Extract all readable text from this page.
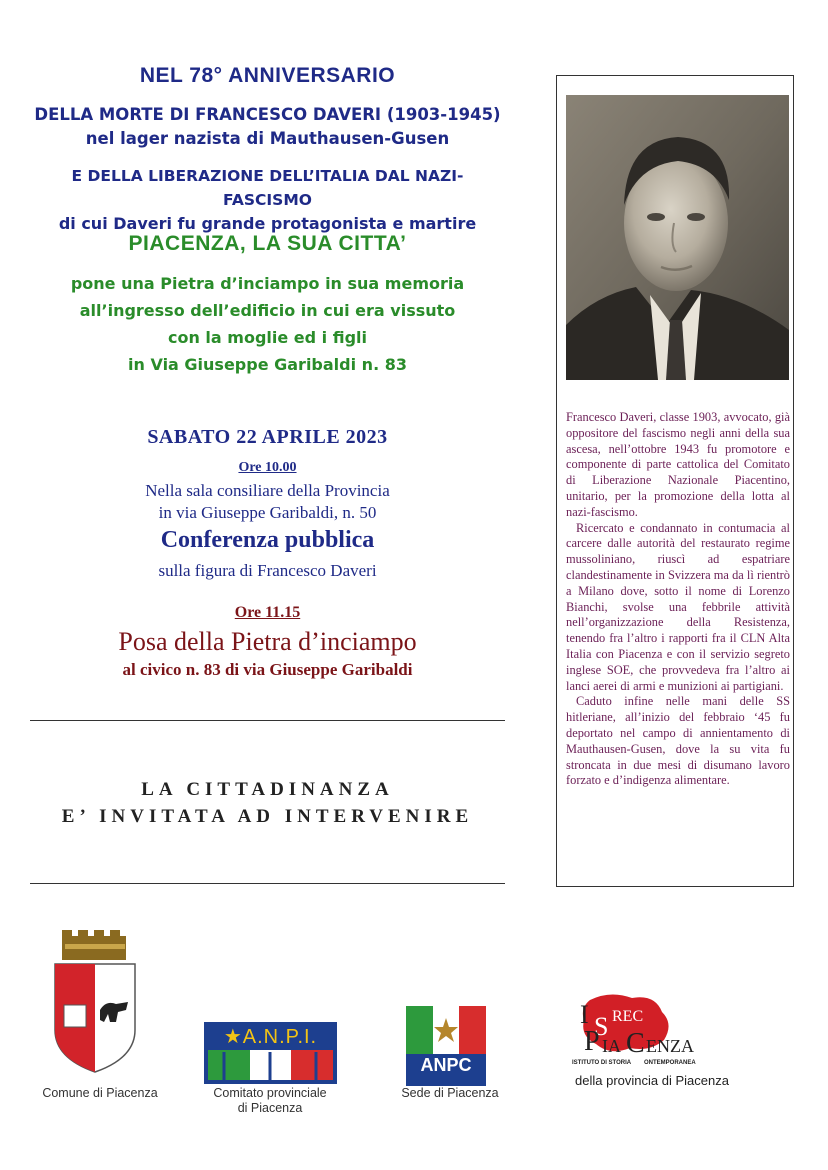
NEL 78° ANNIVERSARIO
DELLA MORTE DI FRANCESCO DAVERI (1903-1945)
nel lager nazista di Mauthausen-Gusen
E DELLA LIBERAZIONE DELL’ITALIA DAL NAZI-FASCISMO
di cui Daveri fu grande protagonista e martire
PIACENZA, LA SUA CITTA’
pone una Pietra d’inciampo in sua memoria
all’ingresso dell’edificio in cui era vissuto
con la moglie ed i figli
in Via Giuseppe Garibaldi n. 83
SABATO 22 APRILE 2023
Ore 10.00
Nella sala consiliare della Provincia
in via Giuseppe Garibaldi, n. 50
Conferenza pubblica
sulla figura di Francesco Daveri
Ore 11.15
Posa della Pietra d’inciampo
al civico n. 83 di via Giuseppe Garibaldi
LA CITTADINANZA
E’ INVITATA AD INTERVENIRE

Francesco Daveri, classe 1903, avvocato, già oppositore del fascismo negli anni della sua ascesa, nell’ottobre 1943 fu promotore e componente di parte cattolica del Comitato di Liberazione Nazionale Piacentino, unitario, per la promozione della lotta al nazi-fascismo.

Ricercato e condannato in contumacia al carcere dalle autorità del restaurato regime mussoliniano, riuscì ad espatriare clandestinamente in Svizzera ma da lì rientrò a Milano dove, sotto il nome di Lorenzo Bianchi, svolse una febbrile attività nell’organizzazione della Resistenza, tenendo fra l’altro i rapporti fra il CLN Alta Italia con Piacenza e con il servizio segreto inglese SOE, che provvedeva fra l’altro ai lanci aerei di armi e munizioni ai partigiani.

Caduto infine nelle mani delle SS hitleriane, all’inizio del febbraio ‘45 fu deportato nel campo di annientamento di Mauthausen-Gusen, dove la su vita fu stroncata in due mesi di disumano lavoro forzato e d’indigenza alimentare.

Comune di Piacenza
★A.N.P.I.
Comitato provinciale
di Piacenza
ANPC
Sede di Piacenza
I S REC
P IA C ENZA
ISTITUTO DI STORIA ONTEMPORANEA
della provincia di Piacenza
